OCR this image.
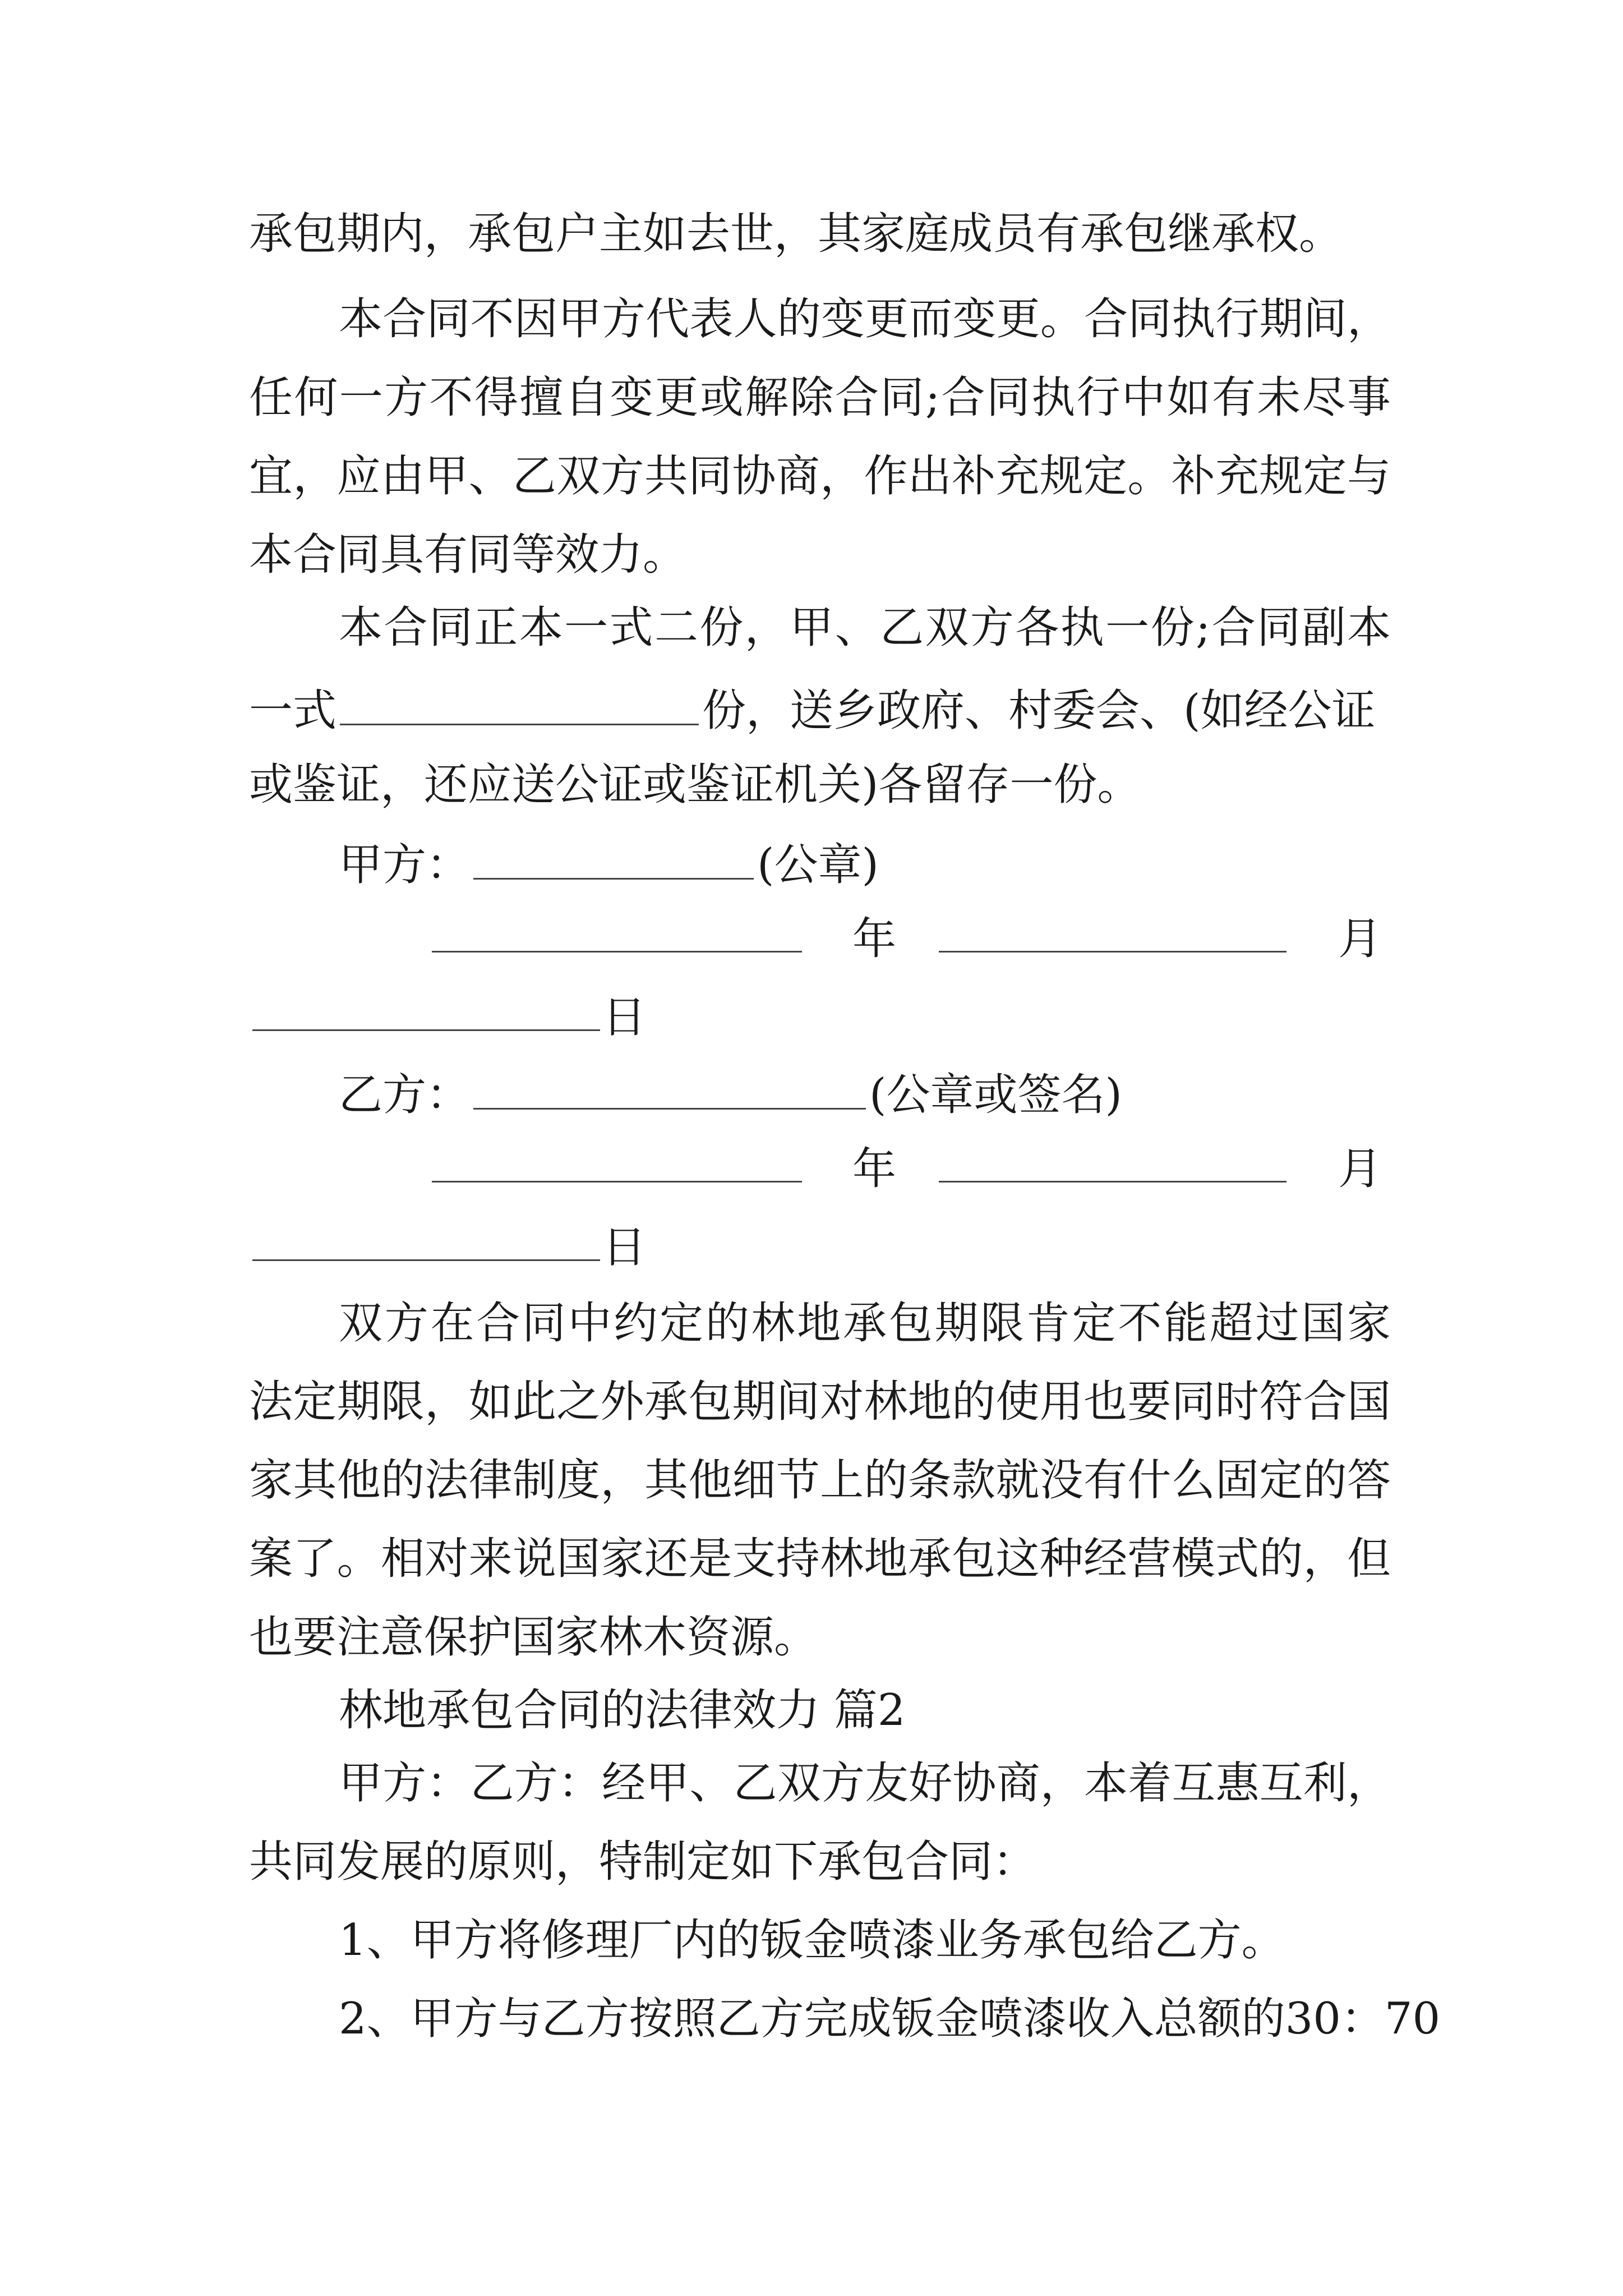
承包期内，承包户主如去世，其家庭成员有承包继承权。
本合同不因甲方代表人的变更而变更。合同执行期间，
任何一方不得擅自变更或解除合同;合同执行中如有未尽事
宜，应由甲、乙双方共同协商，作出补充规定。补充规定与
本合同具有同等效力。
本合同正本一式二份，甲、乙双方各执一份;合同副本
一式	份，送乡政府、村委会、(如经公证
或鉴证，还应送公证或鉴证机关)各留存一份。
甲方：	(公章)
年	月
日
乙方：	(公章或签名)
年	月
日
双方在合同中约定的林地承包期限肯定不能超过国家
法定期限，如此之外承包期间对林地的使用也要同时符合国
家其他的法律制度，其他细节上的条款就没有什么固定的答
案了。相对来说国家还是支持林地承包这种经营模式的，但
也要注意保护国家林木资源。
林地承包合同的法律效力 篇2
甲方：乙方：经甲、乙双方友好协商，本着互惠互利，
共同发展的原则，特制定如下承包合同：
1、甲方将修理厂内的钣金喷漆业务承包给乙方。
2、甲方与乙方按照乙方完成钣金喷漆收入总额的30：70
